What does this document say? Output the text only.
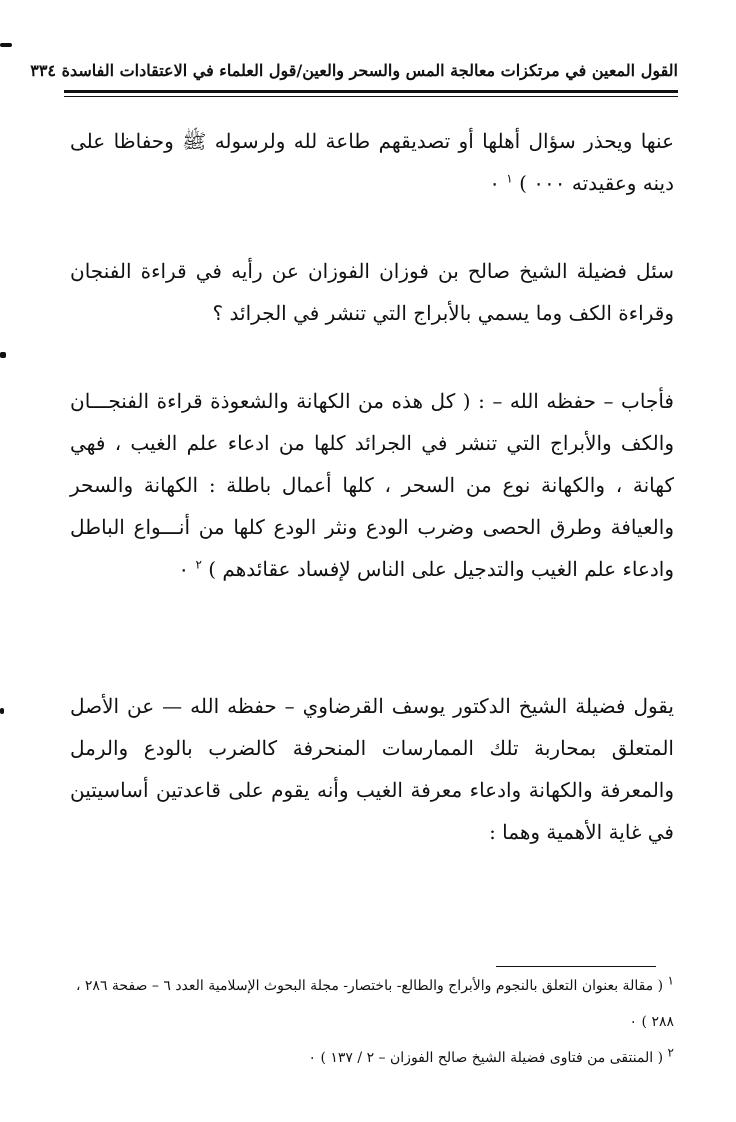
القول المعين في مرتكزات معالجة المس والسحر والعين/قول العلماء في الاعتقادات الفاسدة ٣٣٤

عنها ويحذر سؤال أهلها أو تصديقهم طاعة لله ولرسوله ﷺ وحفاظا على دينه وعقيدته ٠٠٠ ) $^١$ ٠

سئل فضيلة الشيخ صالح بن فوزان الفوزان عن رأيه في قراءة الفنجان وقراءة الكف وما يسمي بالأبراج التي تنشر في الجرائد ؟

فأجاب – حفظه الله – : ( كل هذه من الكهانة والشعوذة قراءة الفنجـــان والكف والأبراج التي تنشر في الجرائد كلها من ادعاء علم الغيب ، فهي كهانة ، والكهانة نوع من السحر ، كلها أعمال باطلة : الكهانة والسحر والعيافة وطرق الحصى وضرب الودع ونثر الودع كلها من أنـــواع الباطل وادعاء علم الغيب والتدجيل على الناس لإفساد عقائدهم ) $^٢$ ٠

يقول فضيلة الشيخ الدكتور يوسف القرضاوي – حفظه الله — عن الأصل المتعلق بمحاربة تلك الممارسات المنحرفة كالضرب بالودع والرمل والمعرفة والكهانة وادعاء معرفة الغيب وأنه يقوم على قاعدتين أساسيتين في غاية الأهمية وهما :

$^١$ ( مقالة بعنوان التعلق بالنجوم والأبراج والطالع- باختصار- مجلة البحوث الإسلامية العدد ٦ – صفحة ٢٨٦ ، ٢٨٨ ) ٠

$^٢$ ( المنتقى من فتاوى فضيلة الشيخ صالح الفوزان – ٢ / ١٣٧ ) ٠
